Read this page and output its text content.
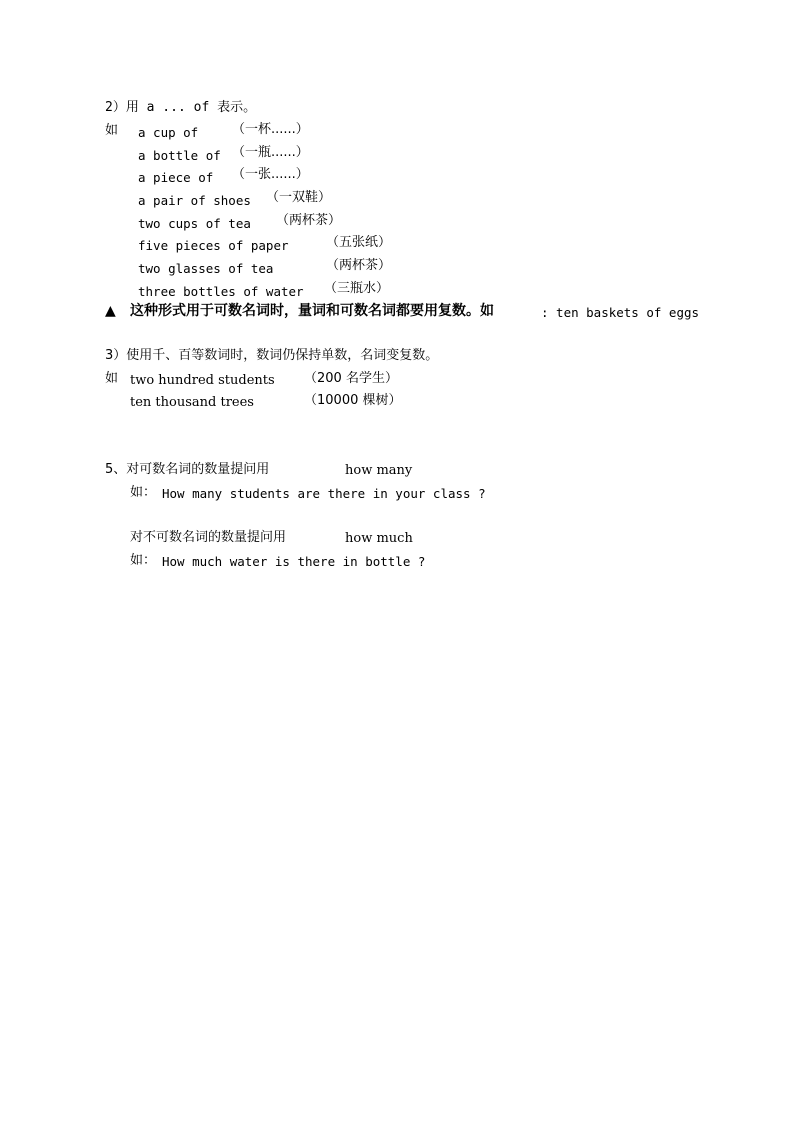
2）用 a ... of 表示。
如 a cup of	（一杯......）
a bottle of （一瓶......）
a piece of （一张......）
a pair of shoes （一双鞋）
two cups of tea （两杯茶）
five pieces of paper	（五张纸）
two glasses of tea	（两杯茶）
three bottles of water （三瓶水）
▲ 这种形式用于可数名词时，量词和可数名词都要用复数。如	: ten baskets of eggs
3）使用千、百等数词时，数词仍保持单数，名词变复数。
如 two hundred students （200 名学生）
ten thousand trees	（10000 棵树）
5、对可数名词的数量提问用	how many
如： How many students are there in your class ?
对不可数名词的数量提问用	how much
如： How much water is there in bottle ?
